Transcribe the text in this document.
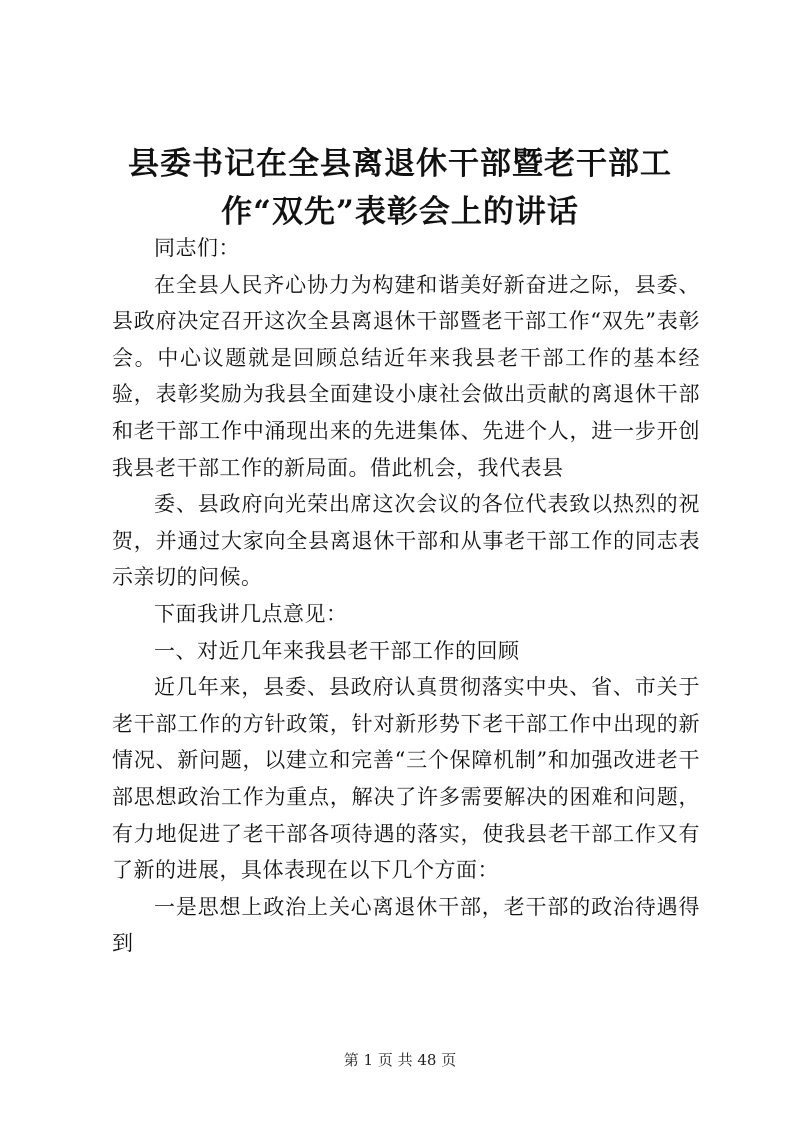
县委书记在全县离退休干部暨老干部工作“双先”表彰会上的讲话

同志们：

在全县人民齐心协力为构建和谐美好新奋进之际，县委、县政府决定召开这次全县离退休干部暨老干部工作“双先”表彰会。中心议题就是回顾总结近年来我县老干部工作的基本经验，表彰奖励为我县全面建设小康社会做出贡献的离退休干部和老干部工作中涌现出来的先进集体、先进个人，进一步开创我县老干部工作的新局面。借此机会，我代表县

委、县政府向光荣出席这次会议的各位代表致以热烈的祝贺，并通过大家向全县离退休干部和从事老干部工作的同志表示亲切的问候。

下面我讲几点意见：

一、对近几年来我县老干部工作的回顾

近几年来，县委、县政府认真贯彻落实中央、省、市关于老干部工作的方针政策，针对新形势下老干部工作中出现的新情况、新问题，以建立和完善“三个保障机制”和加强改进老干部思想政治工作为重点，解决了许多需要解决的困难和问题，有力地促进了老干部各项待遇的落实，使我县老干部工作又有了新的进展，具体表现在以下几个方面：

一是思想上政治上关心离退休干部，老干部的政治待遇得到

第 1 页 共 48 页
